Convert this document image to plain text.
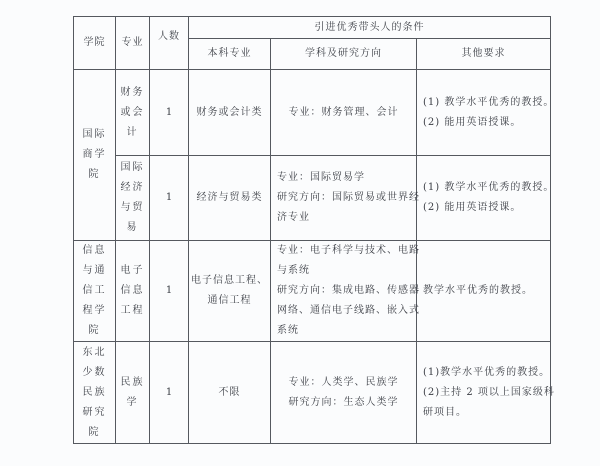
学院	专业	人数	引进优秀带头人的条件		
			本科专业	学科及研究方向	其他要求
国际商学院	财务或会计	1	财务或会计类	专业：财务管理、会计	(1) 教学水平优秀的教授。
(2) 能用英语授课。

	国际经济与贸易	1	经济与贸易类	专业：国际贸易学
研究方向：国际贸易或世界经
济专业	(1) 教学水平优秀的教授。
(2) 能用英语授课。

信息与通信工程学院	电子信息工程	1	电子信息工程、
通信工程	专业：电子科学与技术、电路
与系统
研究方向：集成电路、传感器
网络、通信电子线路、嵌入式
系统	教学水平优秀的教授。

东北少数民族研究院	民族学	1	不限	专业：人类学、民族学
研究方向：生态人类学	(1)教学水平优秀的教授。
(2)主持 2 项以上国家级科
研项目。
